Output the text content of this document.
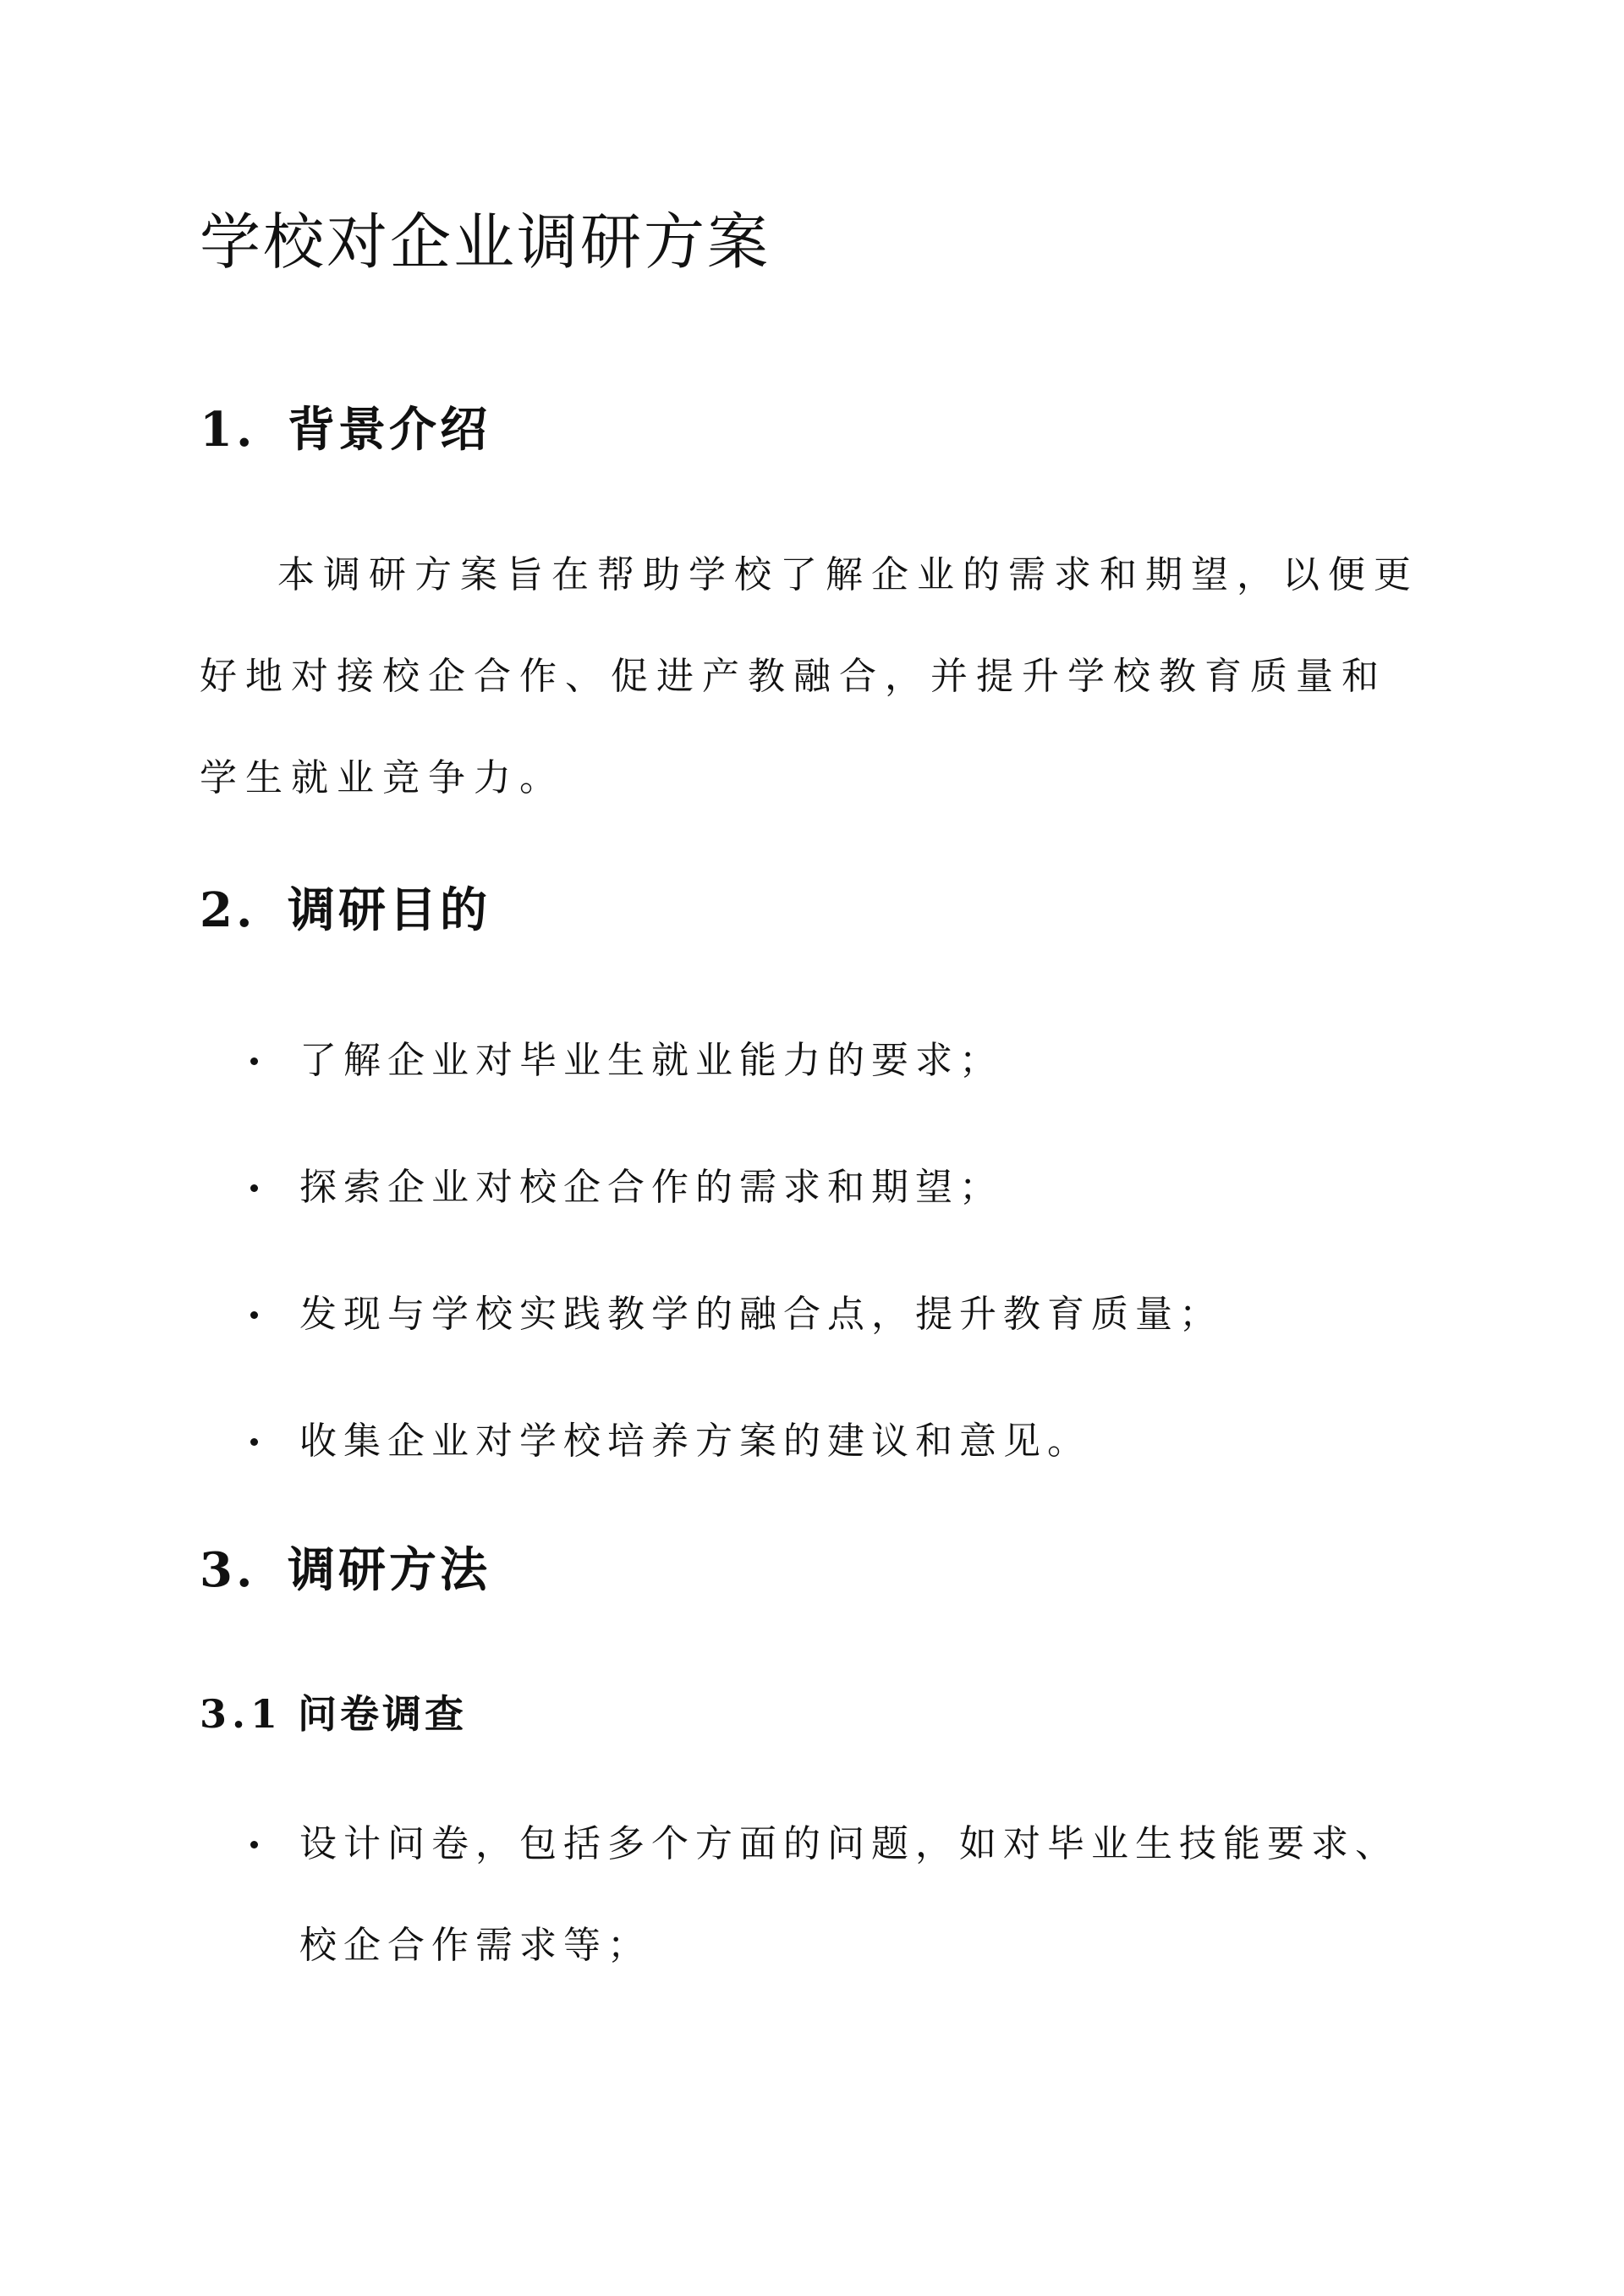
学校对企业调研方案
1. 背景介绍

本调研方案旨在帮助学校了解企业的需求和期望，以便更好地对接校企合作、促进产教融合，并提升学校教育质量和学生就业竞争力。

2. 调研目的
了解企业对毕业生就业能力的要求；
探索企业对校企合作的需求和期望；
发现与学校实践教学的融合点，提升教育质量；
收集企业对学校培养方案的建议和意见。
3. 调研方法
3.1 问卷调查
设计问卷，包括多个方面的问题，如对毕业生技能要求、校企合作需求等；
